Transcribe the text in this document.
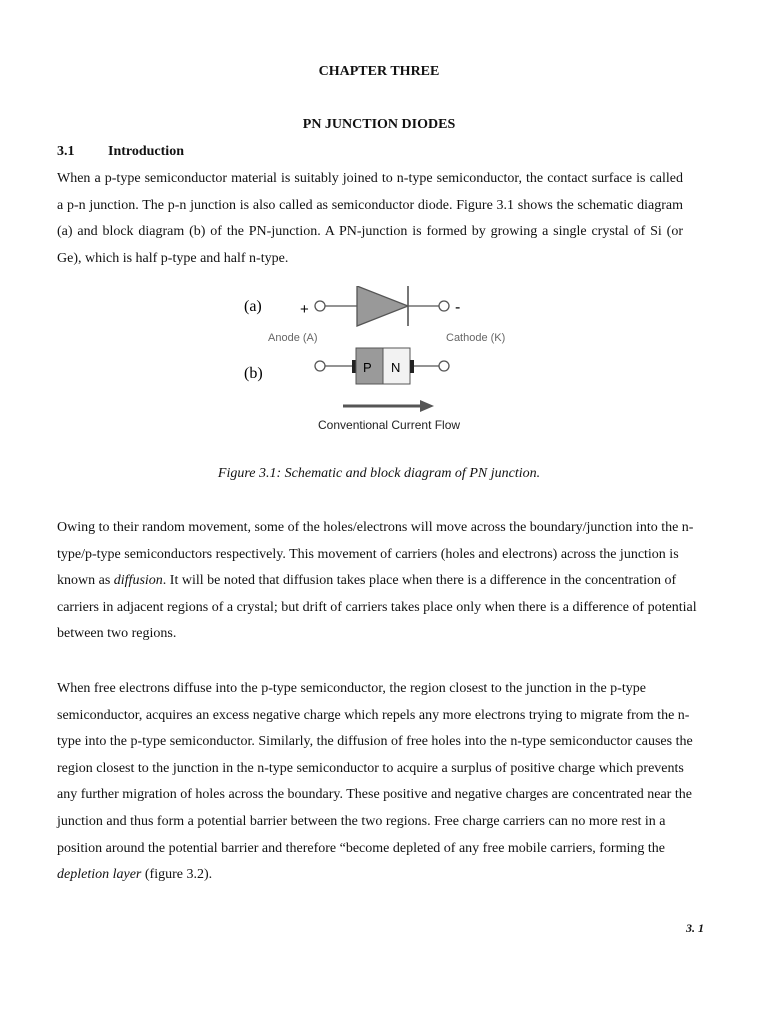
CHAPTER THREE
PN JUNCTION DIODES
3.1	Introduction

When a p-type semiconductor material is suitably joined to n-type semiconductor, the contact surface is called a p-n junction. The p-n junction is also called as semiconductor diode. Figure 3.1 shows the schematic diagram (a) and block diagram (b) of the PN-junction. A PN-junction is formed by growing a single crystal of Si (or Ge), which is half p-type and half n-type.

(a)	+	-
Anode (A)	Cathode (K)
(b)	P N
Conventional Current Flow
Figure 3.1: Schematic and block diagram of PN junction.

Owing to their random movement, some of the holes/electrons will move across the boundary/junction into the n-type/p-type semiconductors respectively. This movement of carriers (holes and electrons) across the junction is known as diffusion. It will be noted that diffusion takes place when there is a difference in the concentration of carriers in adjacent regions of a crystal; but drift of carriers takes place only when there is a difference of potential between two regions.

When free electrons diffuse into the p-type semiconductor, the region closest to the junction in the p-type semiconductor, acquires an excess negative charge which repels any more electrons trying to migrate from the n-type into the p-type semiconductor. Similarly, the diffusion of free holes into the n-type semiconductor causes the region closest to the junction in the n-type semiconductor to acquire a surplus of positive charge which prevents any further migration of holes across the boundary. These positive and negative charges are concentrated near the junction and thus form a potential barrier between the two regions. Free charge carriers can no more rest in a position around the potential barrier and therefore “become depleted of any free mobile carriers, forming the depletion layer (figure 3.2).

3. 1
